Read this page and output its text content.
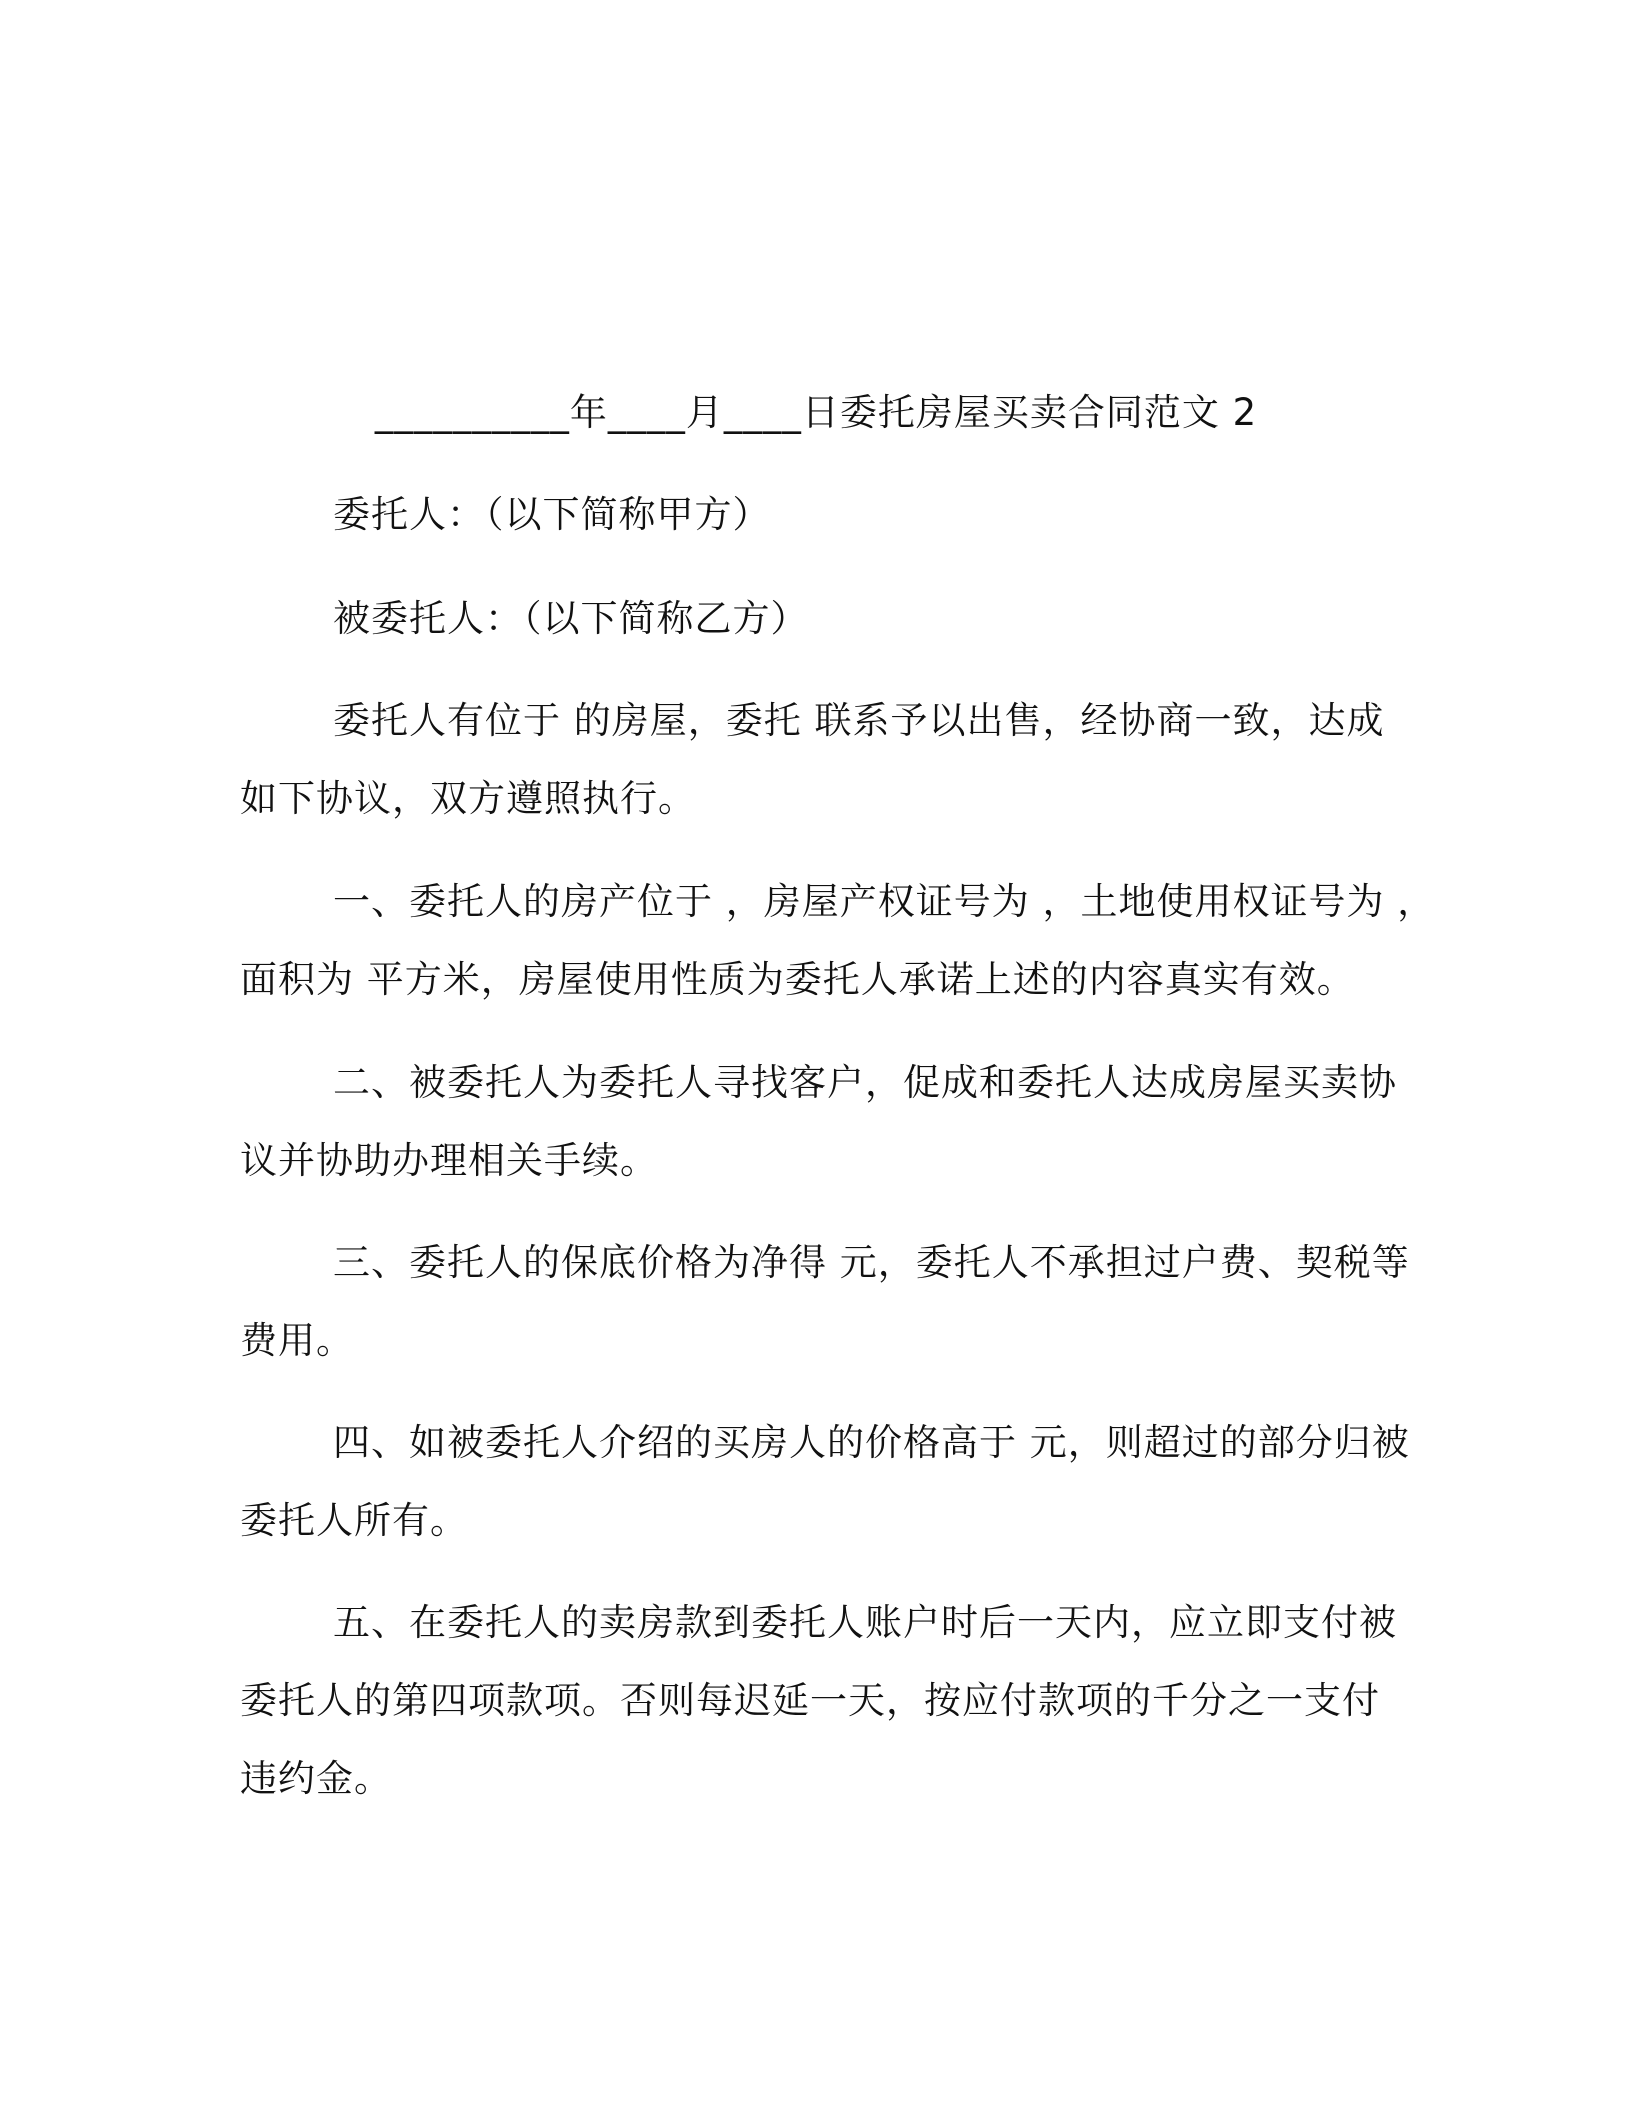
__________年____月____日委托房屋买卖合同范文 2
委托人：（以下简称甲方）
被委托人：（以下简称乙方）
委托人有位于 的房屋，委托 联系予以出售，经协商一致，达成
如下协议，双方遵照执行。
一、委托人的房产位于 ，房屋产权证号为 ，土地使用权证号为 ，
面积为 平方米，房屋使用性质为委托人承诺上述的内容真实有效。
二、被委托人为委托人寻找客户，促成和委托人达成房屋买卖协
议并协助办理相关手续。
三、委托人的保底价格为净得 元，委托人不承担过户费、契税等
费用。
四、如被委托人介绍的买房人的价格高于 元，则超过的部分归被
委托人所有。
五、在委托人的卖房款到委托人账户时后一天内，应立即支付被
委托人的第四项款项。否则每迟延一天，按应付款项的千分之一支付
违约金。
